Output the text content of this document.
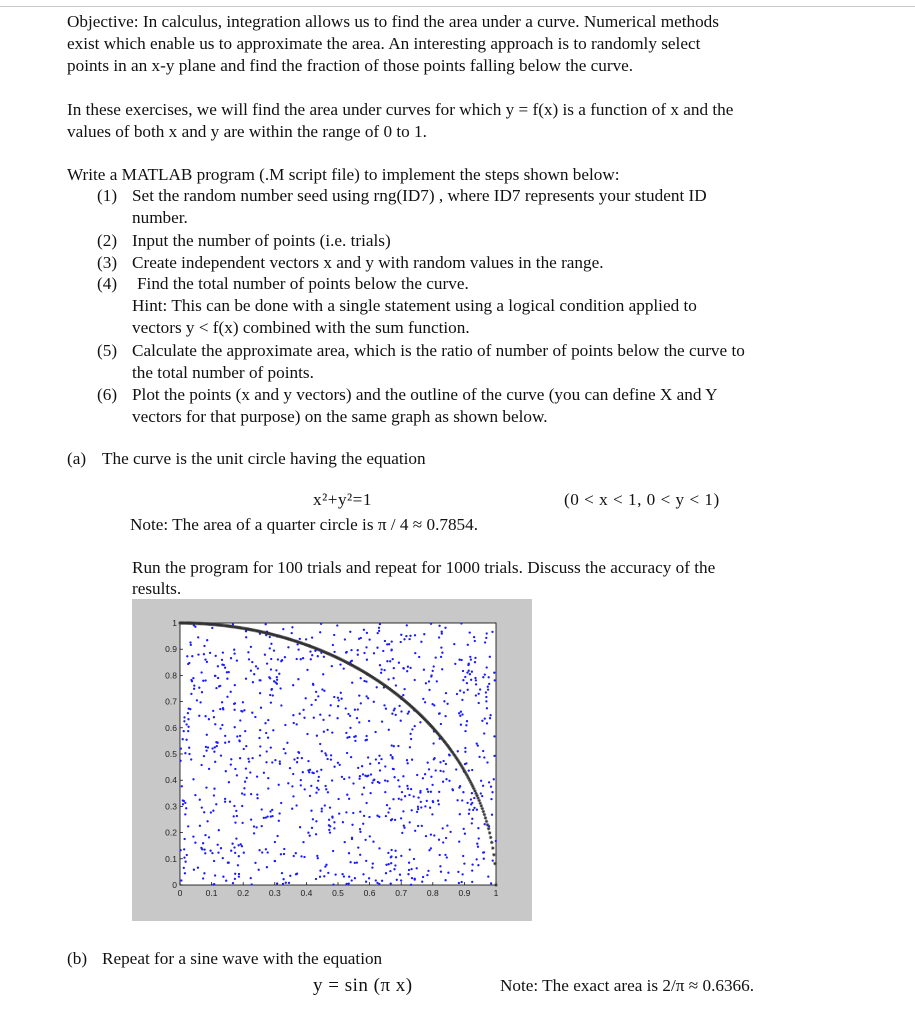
Objective: In calculus, integration allows us to find the area under a curve. Numerical methods
exist which enable us to approximate the area. An interesting approach is to randomly select
points in an x-y plane and find the fraction of those points falling below the curve.
In these exercises, we will find the area under curves for which y = f(x) is a function of x and the
values of both x and y are within the range of 0 to 1.
Write a MATLAB program (.M script file) to implement the steps shown below:
(1) Set the random number seed using rng(ID7) , where ID7 represents your student ID
number.
(2) Input the number of points (i.e. trials)
(3) Create independent vectors x and y with random values in the range.
(4) Find the total number of points below the curve.
Hint: This can be done with a single statement using a logical condition applied to
vectors y < f(x) combined with the sum function.
(5) Calculate the approximate area, which is the ratio of number of points below the curve to
the total number of points.
(6) Plot the points (x and y vectors) and the outline of the curve (you can define X and Y
vectors for that purpose) on the same graph as shown below.
(a) The curve is the unit circle having the equation
x²+y²=1	(0 < x < 1, 0 < y < 1)
Note: The area of a quarter circle is π / 4 ≈ 0.7854.
Run the program for 100 trials and repeat for 1000 trials. Discuss the accuracy of the
results.
0	0.1 0.2 0.3 0.4 0.5 0.6 0.7 0.8 0.9	1
0
0.1
0.2
0.3
0.4
0.5
0.6
0.7
0.8
0.9
1
(b) Repeat for a sine wave with the equation
y = sin (π x)	Note: The exact area is 2/π ≈ 0.6366.
